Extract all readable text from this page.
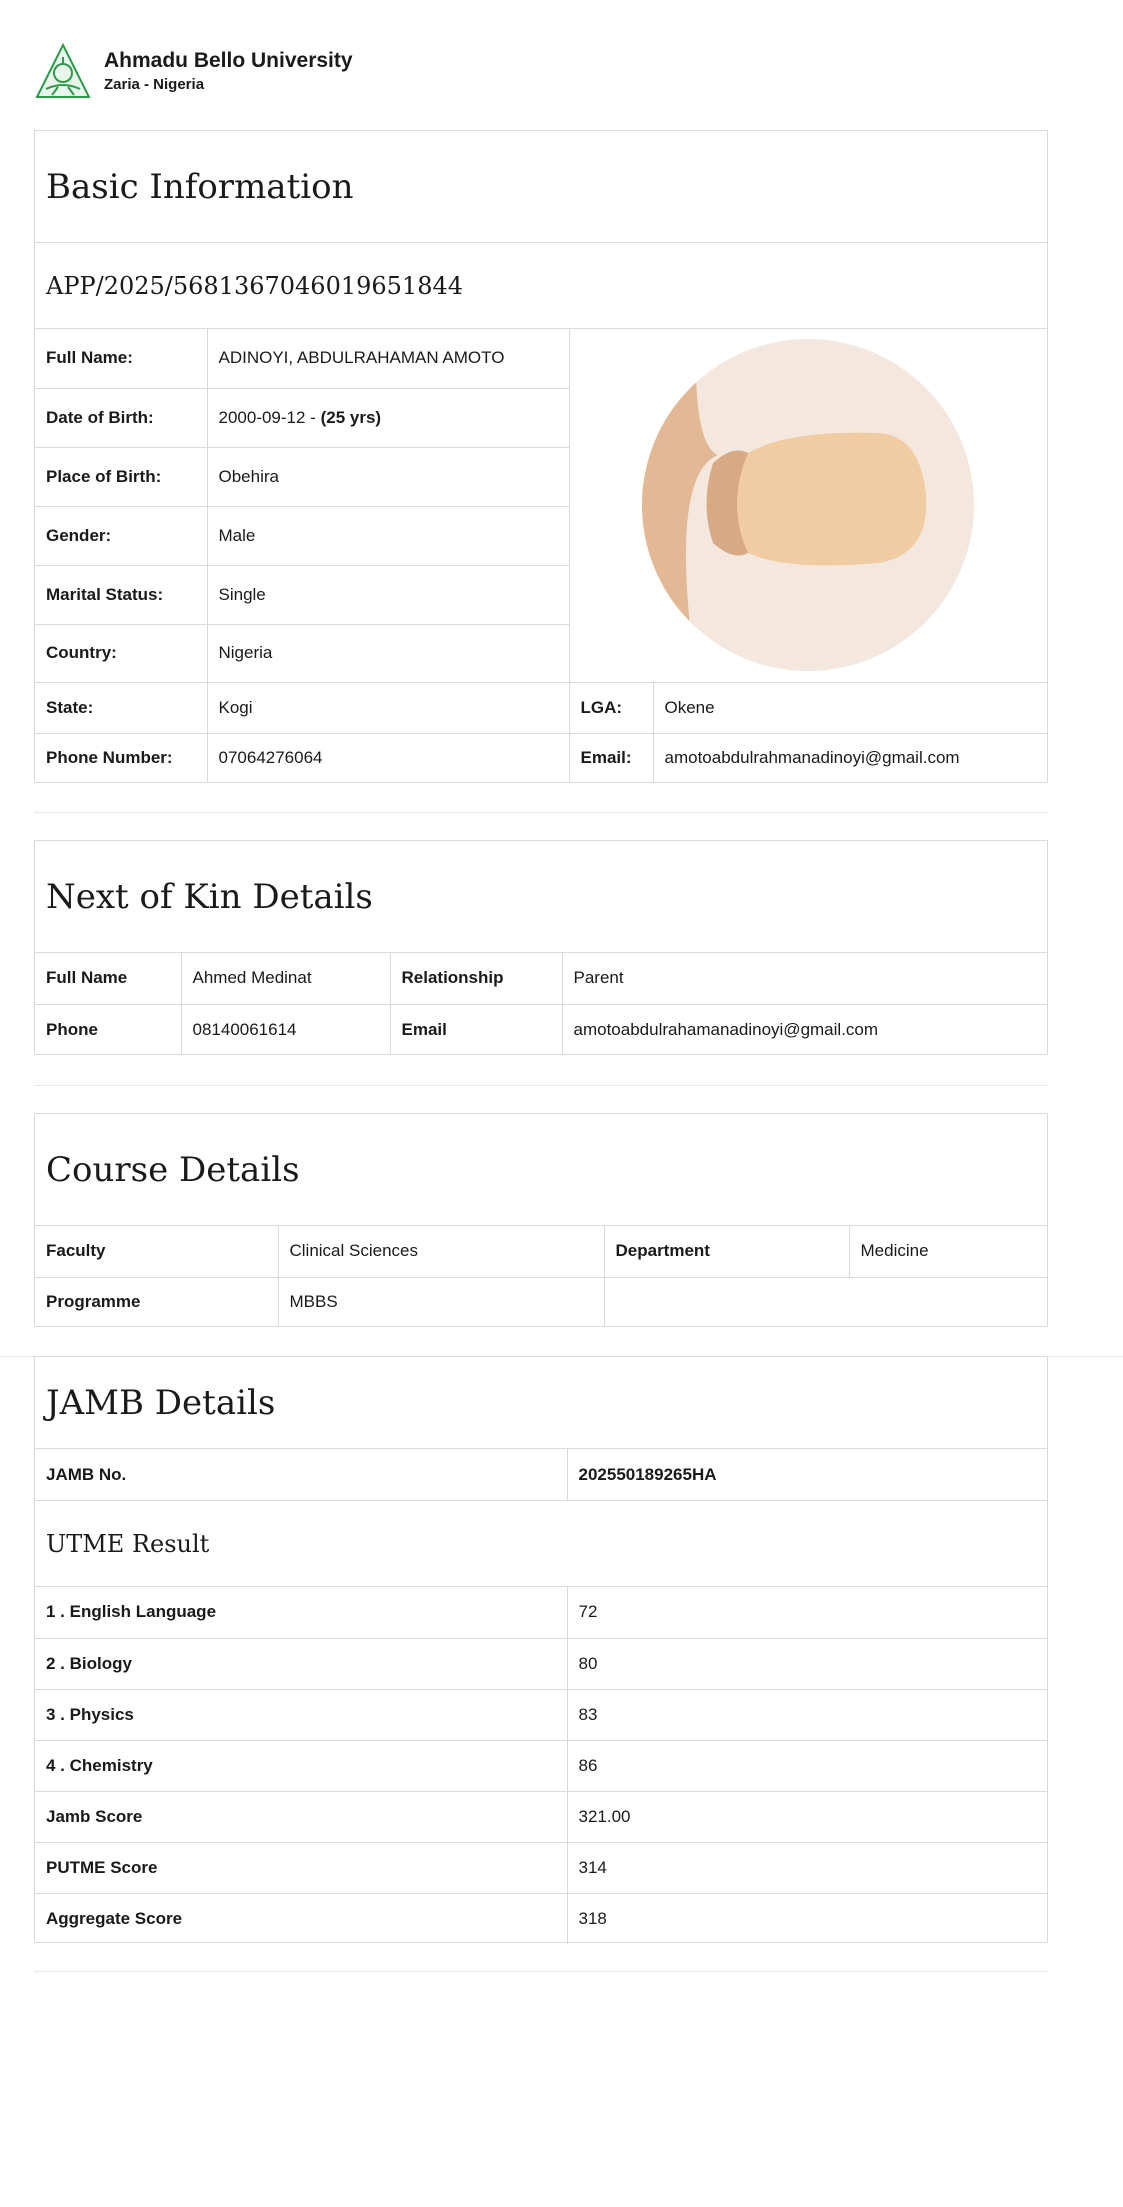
Ahmadu Bello University
Zaria - Nigeria
Basic Information
APP/2025/5681367046019651844
Full Name:	ADINOYI, ABDULRAHAMAN AMOTO	

Date of Birth:	2000-09-12 - (25 yrs)		
Place of Birth:	Obehira		
Gender:	Male		
Marital Status:	Single		
Country:	Nigeria		
State:	Kogi	LGA:	Okene
Phone Number:	07064276064	Email:	amotoabdulrahmanadinoyi@gmail.com
Next of Kin Details
Full Name	Ahmed Medinat	Relationship	Parent
Phone	08140061614	Email	amotoabdulrahamanadinoyi@gmail.com
Course Details
Faculty	Clinical Sciences	Department	Medicine
Programme	MBBS		
JAMB Details
JAMB No.	202550189265HA
UTME Result
1 . English Language	72
2 . Biology	80
3 . Physics	83
4 . Chemistry	86
Jamb Score	321.00
PUTME Score	314
Aggregate Score	318
